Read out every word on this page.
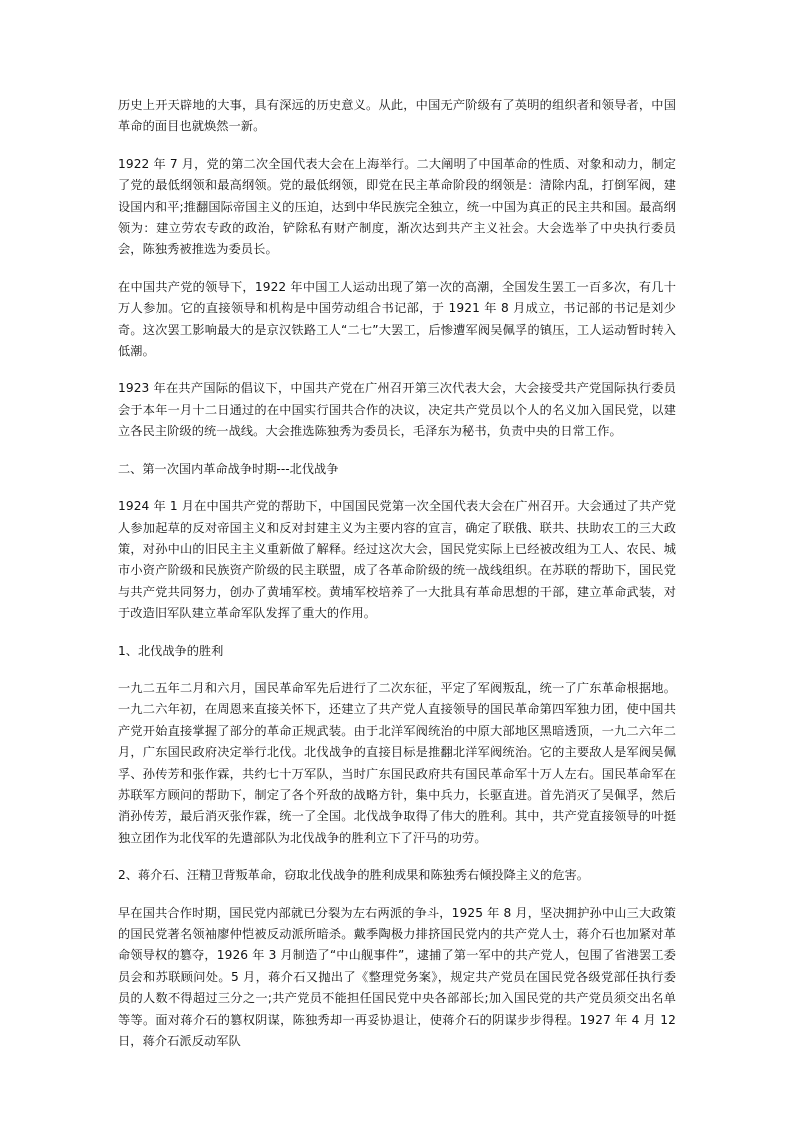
历史上开天辟地的大事，具有深远的历史意义。从此，中国无产阶级有了英明的组织者和领导者，中国革命的面目也就焕然一新。

1922 年 7 月，党的第二次全国代表大会在上海举行。二大阐明了中国革命的性质、对象和动力，制定了党的最低纲领和最高纲领。党的最低纲领，即党在民主革命阶段的纲领是：清除内乱，打倒军阀，建设国内和平;推翻国际帝国主义的压迫，达到中华民族完全独立，统一中国为真正的民主共和国。最高纲领为：建立劳农专政的政治，铲除私有财产制度，渐次达到共产主义社会。大会选举了中央执行委员会，陈独秀被推选为委员长。

在中国共产党的领导下，1922 年中国工人运动出现了第一次的高潮，全国发生罢工一百多次，有几十万人参加。它的直接领导和机构是中国劳动组合书记部，于 1921 年 8 月成立，书记部的书记是刘少奇。这次罢工影响最大的是京汉铁路工人“二七”大罢工，后惨遭军阀吴佩孚的镇压，工人运动暂时转入低潮。

1923 年在共产国际的倡议下，中国共产党在广州召开第三次代表大会，大会接受共产党国际执行委员会于本年一月十二日通过的在中国实行国共合作的决议，决定共产党员以个人的名义加入国民党，以建立各民主阶级的统一战线。大会推选陈独秀为委员长，毛泽东为秘书，负责中央的日常工作。

二、第一次国内革命战争时期---北伐战争

1924 年 1 月在中国共产党的帮助下，中国国民党第一次全国代表大会在广州召开。大会通过了共产党人参加起草的反对帝国主义和反对封建主义为主要内容的宣言，确定了联俄、联共、扶助农工的三大政策，对孙中山的旧民主主义重新做了解释。经过这次大会，国民党实际上已经被改组为工人、农民、城市小资产阶级和民族资产阶级的民主联盟，成了各革命阶级的统一战线组织。在苏联的帮助下，国民党与共产党共同努力，创办了黄埔军校。黄埔军校培养了一大批具有革命思想的干部，建立革命武装，对于改造旧军队建立革命军队发挥了重大的作用。

1、北伐战争的胜利

一九二五年二月和六月，国民革命军先后进行了二次东征，平定了军阀叛乱，统一了广东革命根据地。一九二六年初，在周恩来直接关怀下，还建立了共产党人直接领导的国民革命第四军独力团，使中国共产党开始直接掌握了部分的革命正规武装。由于北洋军阀统治的中原大部地区黑暗透顶，一九二六年二月，广东国民政府决定举行北伐。北伐战争的直接目标是推翻北洋军阀统治。它的主要敌人是军阀吴佩孚、孙传芳和张作霖，共约七十万军队，当时广东国民政府共有国民革命军十万人左右。国民革命军在苏联军方顾问的帮助下，制定了各个歼敌的战略方针，集中兵力，长驱直进。首先消灭了吴佩孚，然后消孙传芳，最后消灭张作霖，统一了全国。北伐战争取得了伟大的胜利。其中，共产党直接领导的叶挺独立团作为北伐军的先遣部队为北伐战争的胜利立下了汗马的功劳。

2、蒋介石、汪精卫背叛革命，窃取北伐战争的胜利成果和陈独秀右倾投降主义的危害。

早在国共合作时期，国民党内部就已分裂为左右两派的争斗，1925 年 8 月，坚决拥护孙中山三大政策的国民党著名领袖廖仲恺被反动派所暗杀。戴季陶极力排挤国民党内的共产党人士，蒋介石也加紧对革命领导权的篡夺，1926 年 3 月制造了“中山舰事件”，逮捕了第一军中的共产党人，包围了省港罢工委员会和苏联顾问处。5 月，蒋介石又抛出了《整理党务案》，规定共产党员在国民党各级党部任执行委员的人数不得超过三分之一;共产党员不能担任国民党中央各部部长;加入国民党的共产党员须交出名单等等。面对蒋介石的篡权阴谋，陈独秀却一再妥协退让，使蒋介石的阴谋步步得程。1927 年 4 月 12 日，蒋介石派反动军队
